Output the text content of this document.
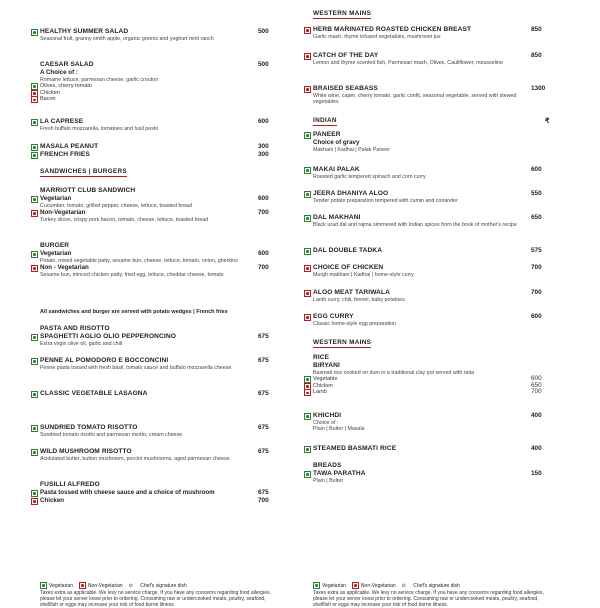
HEALTHY SUMMER SALAD	500
Seasonal fruit, granny smith apple, organic greens and yoghurt mint ranch
CAESAR SALAD	500
A Choice of :
Romaine lettuce, parmesan cheese, garlic crouton
Olives, cherry tomato
Chicken
Bacon
LA CAPRESE	600
Fresh buffalo mozzarella, tomatoes and fusil pesto
MASALA PEANUT	300
FRENCH FRIES	300
MARRIOTT CLUB SANDWICH
Vegetarian	600
Cucumber, tomato, grilled pepper, cheese, lettuce, toasted bread
Non-Vegetarian	700
Turkey slices, crispy pork bacon, tomato, cheese, lettuce, toasted bread
BURGER
Vegetarian	600
Potato, mixed vegetable patty, sesame bun, cheese, lettuce, tomato, onion, gherkins
Non - Vegetarian	700
Sesame bun, minced chicken patty, fried egg, lettuce, cheddar cheese, tomato
PASTA AND RISOTTO
SPAGHETTI AGLIO OLIO PEPPERONCINO	675
Extra virgin olive oil, garlic and chili
PENNE AL POMODORO E BOCCONCINI	675
Penne pasta tossed with fresh basil, tomato sauce and buffalo mozzarella cheese
CLASSIC VEGETABLE LASAGNA	675
SUNDRIED TOMATO RISOTTO	675
Sundried tomato risotto and parmesan risotto, cream cheese
WILD MUSHROOM RISOTTO	675
Acidulated butter, button mushroom, porcini mushrooms, aged parmesan cheese
FUSILLI ALFREDO
Pasta tossed with cheese sauce and a choice of mushroom	675
Chicken	700
SANDWICHES | BURGERS
All sandwiches and burger are served with potato wedges | French fries
Vegetarian	Non-Vegetarian ⊙ Chef's signature dish
Taxes extra as applicable. We levy no service charge. If you have any concerns regarding food allergies, please let your server know prior to ordering. Consuming raw or undercooked meats, poultry, seafood, shellfish or eggs may increase your risk of food borne illness.
WESTERN MAINS
INDIAN
WESTERN MAINS
₹
HERB MARINATED ROASTED CHICKEN BREAST	850
Garlic mash, thyme infused vegetables, mushroom jus
CATCH OF THE DAY	850
Lemon and thyme scented fish, Parmesan mash, Olives, Cauliflower, mousseline
BRAISED SEABASS	1300
White wine, caper, cherry tomato, garlic confit, seasonal vegetable, served with stewed vegetables
PANEER
Choice of gravy
Makhani | Kadhai | Palak Paneer
MAKAI PALAK	600
Roasted garlic tempered spinach and corn curry
JEERA DHANIYA ALOO	550
Tender potato preparation tempered with cumin and coriander
DAL MAKHANI	650
Black urad dal and rajma simmered with Indian spices from the book of mother's recipe
DAL DOUBLE TADKA	575
CHOICE OF CHICKEN	700
Murgh makhani | Kadhai | home-style curry
ALOO MEAT TARIWALA	700
Lamb curry, chili, fennel, baby potatoes
EGG CURRY	600
Classic home-style egg preparation
RICE
BIRYANI
Basmati rice cooked on dum in a traditional clay pot served with raita
Vegetable	600
Chicken	650
Lamb	700
KHICHDI	400
Choice of :
Plain | Butter | Masala
STEAMED BASMATI RICE	400
BREADS
TAWA PARATHA	150
Plain | Butter
Vegetarian	Non-Vegetarian ⊙ Chef's signature dish
Taxes extra as applicable. We levy no service charge. If you have any concerns regarding food allergies, please let your server know prior to ordering. Consuming raw or undercooked meats, poultry, seafood, shellfish or eggs may increase your risk of food borne illness.
